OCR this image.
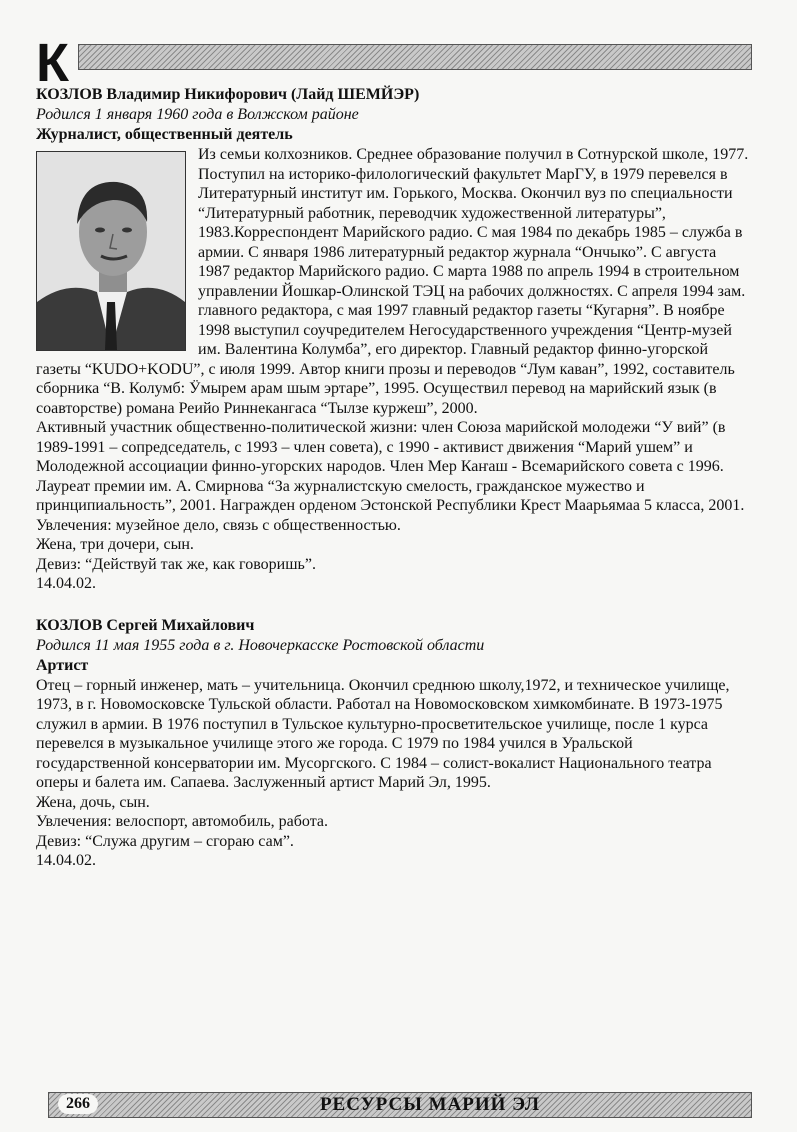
К
КОЗЛОВ Владимир Никифорович (Лайд ШЕМЙЭР)
Родился 1 января 1960 года в Волжском районе
Журналист, общественный деятель

Из семьи колхозников. Среднее образование получил в Сотнурской школе, 1977. Поступил на историко-филологический факультет МарГУ, в 1979 перевелся в Литературный институт им. Горького, Москва. Окончил вуз по специальности “Литературный работник, переводчик художественной литературы”, 1983.Корреспондент Марийского радио. С мая 1984 по декабрь 1985 – служба в армии. С января 1986 литературный редактор журнала “Ончыко”. С августа 1987 редактор Марийского радио. С марта 1988 по апрель 1994 в строительном управлении Йошкар-Олинской ТЭЦ на рабочих должностях. С апреля 1994 зам. главного редактора, с мая 1997 главный редактор газеты “Кугарня”. В ноябре 1998 выступил соучредителем Негосударственного учреждения “Центр-музей им. Валентина Колумба”, его директор. Главный редактор финно-угорской газеты “KUDO+KODU”, с июля 1999. Автор книги прозы и переводов “Лум каван”, 1992, составитель сборника “В. Колумб: Ӱмырем арам шым эртаре”, 1995. Осуществил перевод на марийский язык (в соавторстве) романа Реийо Риннекангаса “Тылзе куржеш”, 2000.

Активный участник общественно-политической жизни: член Союза марийской молодежи “У вий” (в 1989-1991 – сопредседатель, с 1993 – член совета), с 1990 - активист движения “Марий ушем” и Молодежной ассоциации финно-угорских народов. Член Мер Каҥаш - Всемарийского совета с 1996.

Лауреат премии им. А. Смирнова “За журналистскую смелость, гражданское мужество и принципиальность”, 2001. Награжден орденом Эстонской Республики Крест Маарьямаа 5 класса, 2001.

Увлечения: музейное дело, связь с общественностью.

Жена, три дочери, сын.

Девиз: “Действуй так же, как говоришь”.

14.04.02.

КОЗЛОВ Сергей Михайлович
Родился 11 мая 1955 года в г. Новочеркасске Ростовской области
Артист

Отец – горный инженер, мать – учительница. Окончил среднюю школу,1972, и техническое училище, 1973, в г. Новомосковске Тульской области. Работал на Новомосковском химкомбинате. В 1973-1975 служил в армии. В 1976 поступил в Тульское культурно-просветительское училище, после 1 курса перевелся в музыкальное училище этого же города. С 1979 по 1984 учился в Уральской государственной консерватории им. Мусоргского. С 1984 – солист-вокалист Национального театра оперы и балета им. Сапаева. Заслуженный артист Марий Эл, 1995.

Жена, дочь, сын.

Увлечения: велоспорт, автомобиль, работа.

Девиз: “Служа другим – сгораю сам”.

14.04.02.

266	РЕСУРСЫ МАРИЙ ЭЛ
